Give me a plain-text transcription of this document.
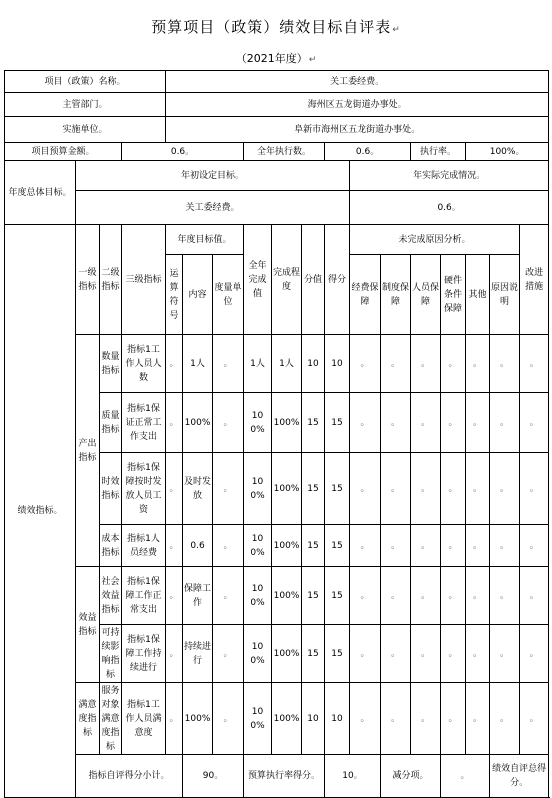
预算项目（政策）绩效目标自评表↵
（2021年度）↵
项目（政策）名称。				关工委经费。														
主管部门。				海州区五龙街道办事处。														
实施单位。				阜新市海州区五龙街道办事处。														
项目预算金额。			0.6。				全年执行数。			0.6。			执行率。		100%。			
年度总体目标。	年初设定目标。										年实际完成情况。							
	关工委经费。										0.6。							
绩效指标。	一级指标	二级指标	三级指标	年度目标值。			全年完成值	完成程度	分值	得分	未完成原因分析。						改进措施	
				运算符号	内容	度量单位					经费保障	制度保障	人员保障	硬件条件保障	其他	原因说明		
	产出指标	数量指标	指标1工作人员人数	。	1人	。	1人	1人	10	10	。	。	。	。	。	。	。	
		质量指标	指标1保证正常工作支出	。	100%	。	100%	100%	15	15	。	。	。	。	。	。	。	
		时效指标	指标1保障按时发放人员工资	。	及时发放	。	100%	100%	15	15	。	。	。	。	。	。	。	
		成本指标	指标1人员经费	。	0.6	。	100%	100%	15	15	。	。	。	。	。	。	。	
	效益指标	社会效益指标	指标1保障工作正常支出	。	保障工作	。	100%	100%	15	15	。	。	。	。	。	。	。	
		可持续影响指标	指标1保障工作持续进行	。	持续进行	。	100%	100%	15	15	。	。	。	。	。	。	。	
	满意度指标	服务对象满意度指标	指标1工作人员满意度	。	100%	。	100%	100%	10	10	。	。	。	。	。	。	。	
	指标自评得分小计。				90。		预算执行率得分。			10。		减分项。		。		绩效自评总得分。	
